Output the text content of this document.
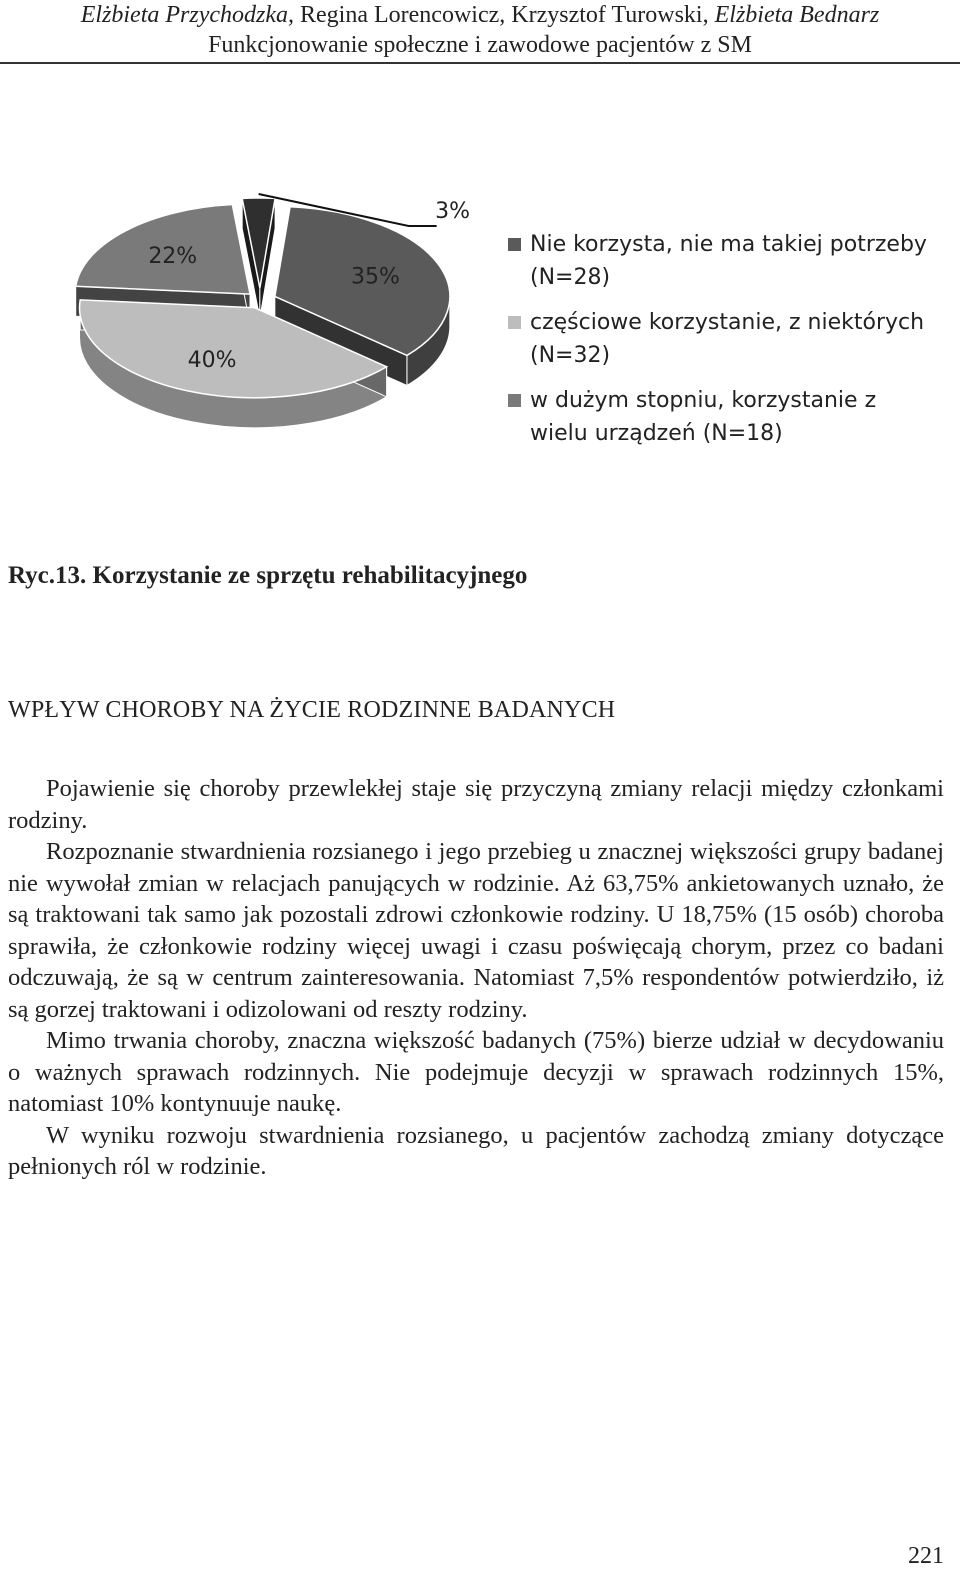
Elżbieta Przychodzka, Regina Lorencowicz, Krzysztof Turowski, Elżbieta Bednarz
Funkcjonowanie społeczne i zawodowe pacjentów z SM
35%
40%
22%
3%
Nie korzysta, nie ma takiej potrzeby
(N=28)
częściowe korzystanie, z niektórych
(N=32)
w dużym stopniu, korzystanie z
wielu urządzeń (N=18)
Ryc.13. Korzystanie ze sprzętu rehabilitacyjnego
WPŁYW CHOROBY NA ŻYCIE RODZINNE BADANYCH

Pojawienie się choroby przewlekłej staje się przyczyną zmiany relacji między członkami rodziny.

Rozpoznanie stwardnienia rozsianego i jego przebieg u znacznej większości grupy badanej nie wywołał zmian w relacjach panujących w rodzinie. Aż 63,75% ankietowanych uznało, że są traktowani tak samo jak pozostali zdrowi członkowie rodziny. U 18,75% (15 osób) choroba sprawiła, że członkowie rodziny więcej uwagi i czasu poświęcają chorym, przez co badani odczuwają, że są w centrum zainteresowania. Natomiast 7,5% respondentów potwierdziło, iż są gorzej traktowani i odizolowani od reszty rodziny.

Mimo trwania choroby, znaczna większość badanych (75%) bierze udział w decydowaniu o ważnych sprawach rodzinnych. Nie podejmuje decyzji w sprawach rodzinnych 15%, natomiast 10% kontynuuje naukę.

W wyniku rozwoju stwardnienia rozsianego, u pacjentów zachodzą zmiany dotyczące pełnionych ról w rodzinie.

221
